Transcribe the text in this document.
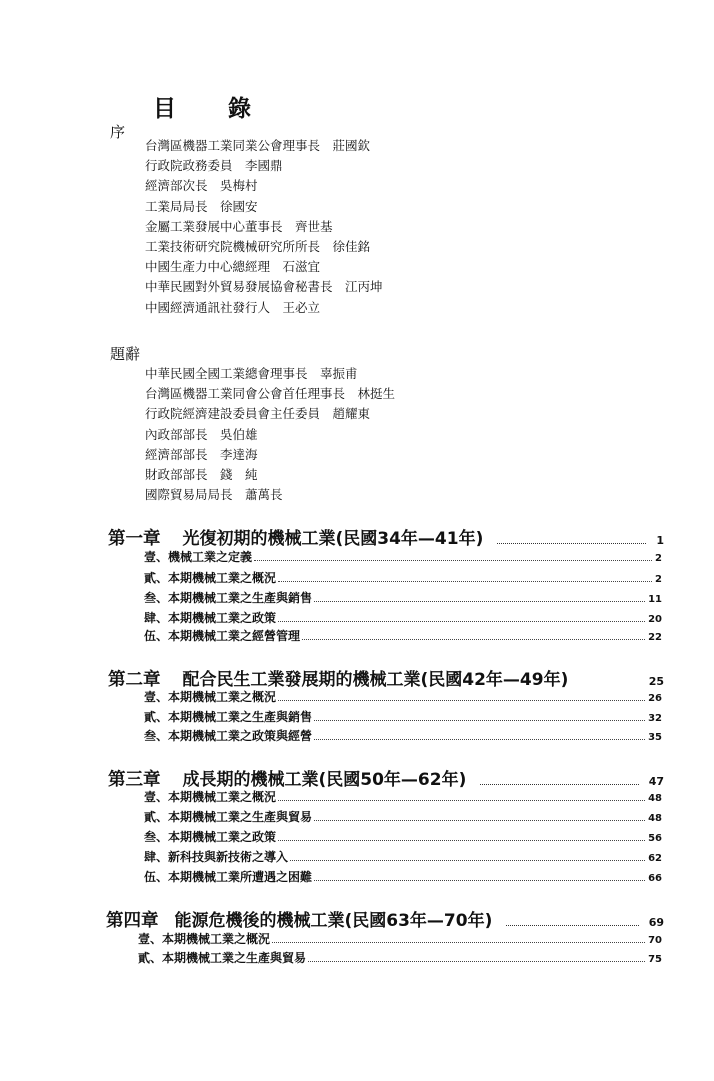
目 錄
序
台灣區機器工業同業公會理事長　莊國欽
行政院政務委員　李國鼎
經濟部次長　吳梅村
工業局局長　徐國安
金屬工業發展中心董事長　齊世基
工業技術研究院機械研究所所長　徐佳銘
中國生產力中心總經理　石滋宜
中華民國對外貿易發展協會秘書長　江丙坤
中國經濟通訊社發行人　王必立
題辭
中華民國全國工業總會理事長　辜振甫
台灣區機器工業同會公會首任理事長　林挺生
行政院經濟建設委員會主任委員　趙耀東
內政部部長　吳伯雄
經濟部部長　李達海
財政部部長　錢　純
國際貿易局局長　蕭萬長
第一章 光復初期的機械工業(民國34年—41年)	1
壹、機械工業之定義	2
貳、本期機械工業之概況	2
叁、本期機械工業之生產與銷售	11
肆、本期機械工業之政策	20
伍、本期機械工業之經營管理	22
第二章 配合民生工業發展期的機械工業(民國42年—49年)	25
壹、本期機械工業之概況	26
貳、本期機械工業之生產與銷售	32
叁、本期機械工業之政策與經營	35
第三章 成長期的機械工業(民國50年—62年)	47
壹、本期機械工業之概況	48
貳、本期機械工業之生產與貿易	48
叁、本期機械工業之政策	56
肆、新科技與新技術之導入	62
伍、本期機械工業所遭遇之困難	66
第四章 能源危機後的機械工業(民國63年—70年)	69
壹、本期機械工業之概況	70
貳、本期機械工業之生產與貿易	75
